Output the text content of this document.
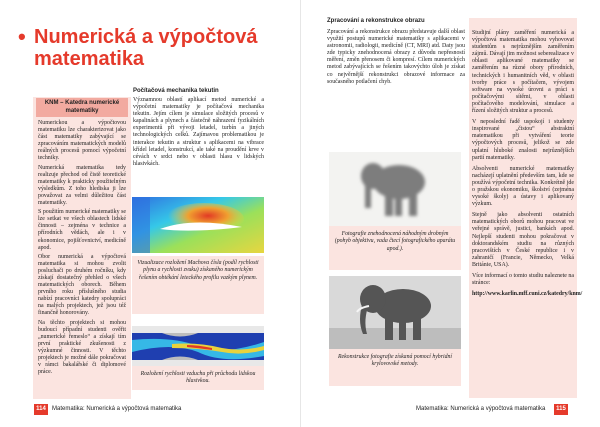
• Numerická a výpočtová matematika
KNM – Katedra numerické matematiky

Numerickou a výpočtovou matematiku lze charakterizovat jako část matematiky zabývající se zpracováním matematických modelů reálných procesů pomocí výpočetní techniky.

Numerická matematika tedy realizuje přechod od čistě teoretické matematiky k prakticky použitelným výsledkům. Z toho hlediska ji lze považovat za velmi důležitou část matematiky.

S použitím numerické matematiky se lze setkat ve všech oblastech lidské činnosti – zejména v technice a přírodních vědách, ale i v ekonomice, pojišťovnictví, medicíně apod.

Obor numerická a výpočtová matematika si mohou zvolit posluchači po druhém ročníku, kdy získají dostatečný přehled o všech matematických oborech. Během prvního roku příslušného studia nabízí pracovníci katedry spolupráci na malých projektech, jež jsou též finančně honorovány.

Na těchto projektech si mohou budoucí případní studenti ověřit „numerické řemeslo“ a získají tím první praktické zkušenosti z výzkumné činnosti. V těchto projektech je možné dále pokračovat v rámci bakalářské či diplomové práce.

Počítačová mechanika tekutin
Významnou oblastí aplikací metod numerické a výpočetní matematiky je počítačová mechanika tekutin. Jejím cílem je simulace složitých procesů v kapalinách a plynech a částečně náhrazení fyzikálních experimentů při vývoji letadel, turbín a jiných technologických celků. Zajímavou problematikou je interakce tekutin a struktur s aplikacemi na vibrace křídel letadel, konstrukcí, ale také na proudění krve v cévách v srdci nebo v oblasti hlasu v lidských hlasivkách.
Vizualizace rozložení Machova čísla (podíl rychlosti plynu a rychlosti zvuku) získaného numerickým řešením obtékání leteckého profilu vazkým plynem.
Rozložení rychlosti vzduchu při průchodu lidskou hlasivkou.
Zpracování a rekonstrukce obrazu
Zpracování a rekonstrukce obrazu představuje další oblast využití postupů numerické matematiky s aplikacemi v astronomii, radiologii, medicíně (CT, MRI) atd. Daty jsou zde typicky znehodnocená obrazy z důvodu nepřesností měření, změn přenosem či kompresí. Cílem numerických metod zabývajících se řešením takovýchto úloh je získat co nejvěrnější rekonstrukci obrazové informace za současného potlačení chyb.
Fotografie znehodnocená náhodným drobným (pohyb objektivu, vada čtecí fotografického aparátu apod.).
Rekonstrukce fotografie získaná pomocí hybridní krylovovské metody.

Studijní plány zaměření numerická a výpočtová matematika mohou vyhovovat studentům s nejrůznějším zaměřením zájmů. Dávají jim možnost seberealizace v oblasti aplikované matematiky se zaměřením na různé obory přírodních, technických i humanitních věd, v oblasti tvorby práce s počítačem, vývojem software na vysoké úrovni a práci s počítačovými sítěmi, v oblasti počítačového modelování, simulace a řízení složitých struktur a procesů.

V neposlední řadě uspokojí i studenty inspirované „čistou“ abstraktní matematikou při vytváření teorie výpočtových procesů, jelikož se zde uplatní hluboké znalosti nejrůznějších partií matematiky.

Absolventi numerické matematiky nacházejí uplatnění především tam, kde se používá výpočetní technika. Konkrétně jde o pražskou ekonomiku, školství (zejména vysoké školy) a ústavy i aplikovaný výzkum.

Stejně jako absolventi ostatních matematických oborů mohou pracovat ve veřejné správě, justici, bankách apod. Nejlepší studenti mohou pokračovat v doktorandském studiu na různých pracovištích v České republice i v zahraničí (Francie, Německo, Velká Británie, USA).

Více informací o tomto studiu naleznete na stránce:

http://www.karlin.mff.cuni.cz/katedry/knm/

114	Matematika: Numerická a výpočtová matematika	Matematika: Numerická a výpočtová matematika	115
